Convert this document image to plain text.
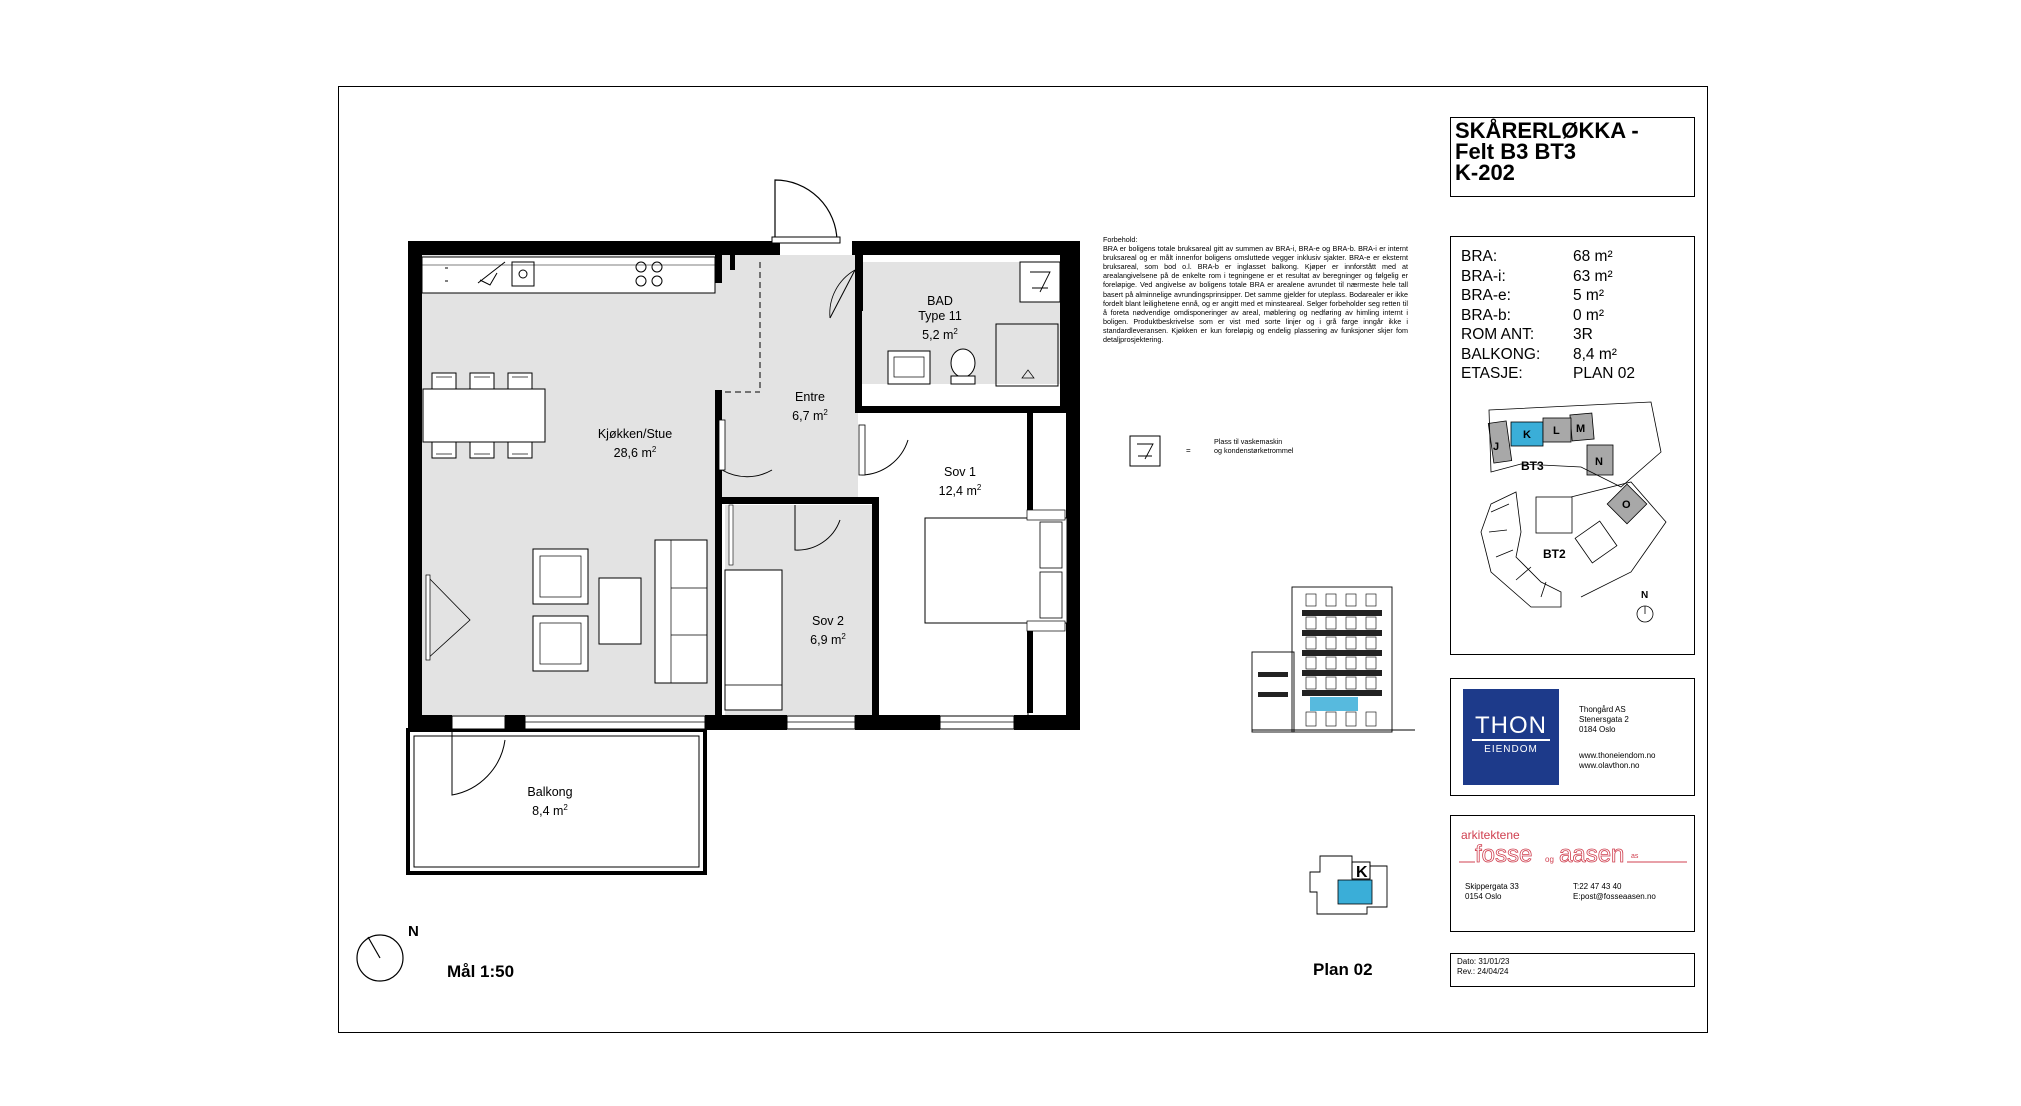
Kjøkken/Stue
28,6 $m^2$
Entre
6,7 $m^2$
BAD
Type 11
5,2 $m^2$
Sov 1
12,4 $m^2$
Sov 2
6,9 $m^2$
Balkong
8,4 $m^2$
N
Mål 1:50	Plan 02
Forbehold:
BRA er boligens totale bruksareal gitt av summen av BRA-i, BRA-e og BRA-b. BRA-i er internt bruksareal og er målt innenfor boligens omsluttede vegger inklusiv sjakter. BRA-e er eksternt bruksareal, som bod o.l. BRA-b er inglasset balkong. Kjøper er innforstått med at arealangivelsene på de enkelte rom i tegningene er et resultat av beregninger og følgelig er foreløpige. Ved angivelse av boligens totale BRA er arealene avrundet til nærmeste hele tall basert på alminnelige avrundingsprinsipper. Det samme gjelder for uteplass. Bodarealer er ikke fordelt blant leilighetene ennå, og er angitt med et minsteareal. Selger forbeholder seg retten til å foreta nødvendige omdisponeringer av areal, møblering og nedføring av himling internt i boligen. Produktbeskrivelse som er vist med sorte linjer og i grå farge inngår ikke i standardleveransen. Kjøkken er kun foreløpig og endelig plassering av funksjoner skjer fom detaljprosjektering.
=
Plass til vaskemaskin
og kondenstørketrommel
K
SKÅRERLØKKA -
Felt B3 BT3
K-202
BRA:	68 m²
BRA-i:	63 m²
BRA-e:	5 m²
BRA-b:	0 m²
ROM ANT:	3R
BALKONG:	8,4 m²
ETASJE:	PLAN 02
J
K L M
N
O
BT3
BT2
N
THON
EIENDOM
Thongård AS
Stenersgata 2
0184 Oslo
www.thoneiendom.no
www.olavthon.no
arkitektene
fosse og aasen as
Skippergata 33
0154 Oslo
T:22 47 43 40
E:post@fosseaasen.no
Dato: 31/01/23
Rev.: 24/04/24
